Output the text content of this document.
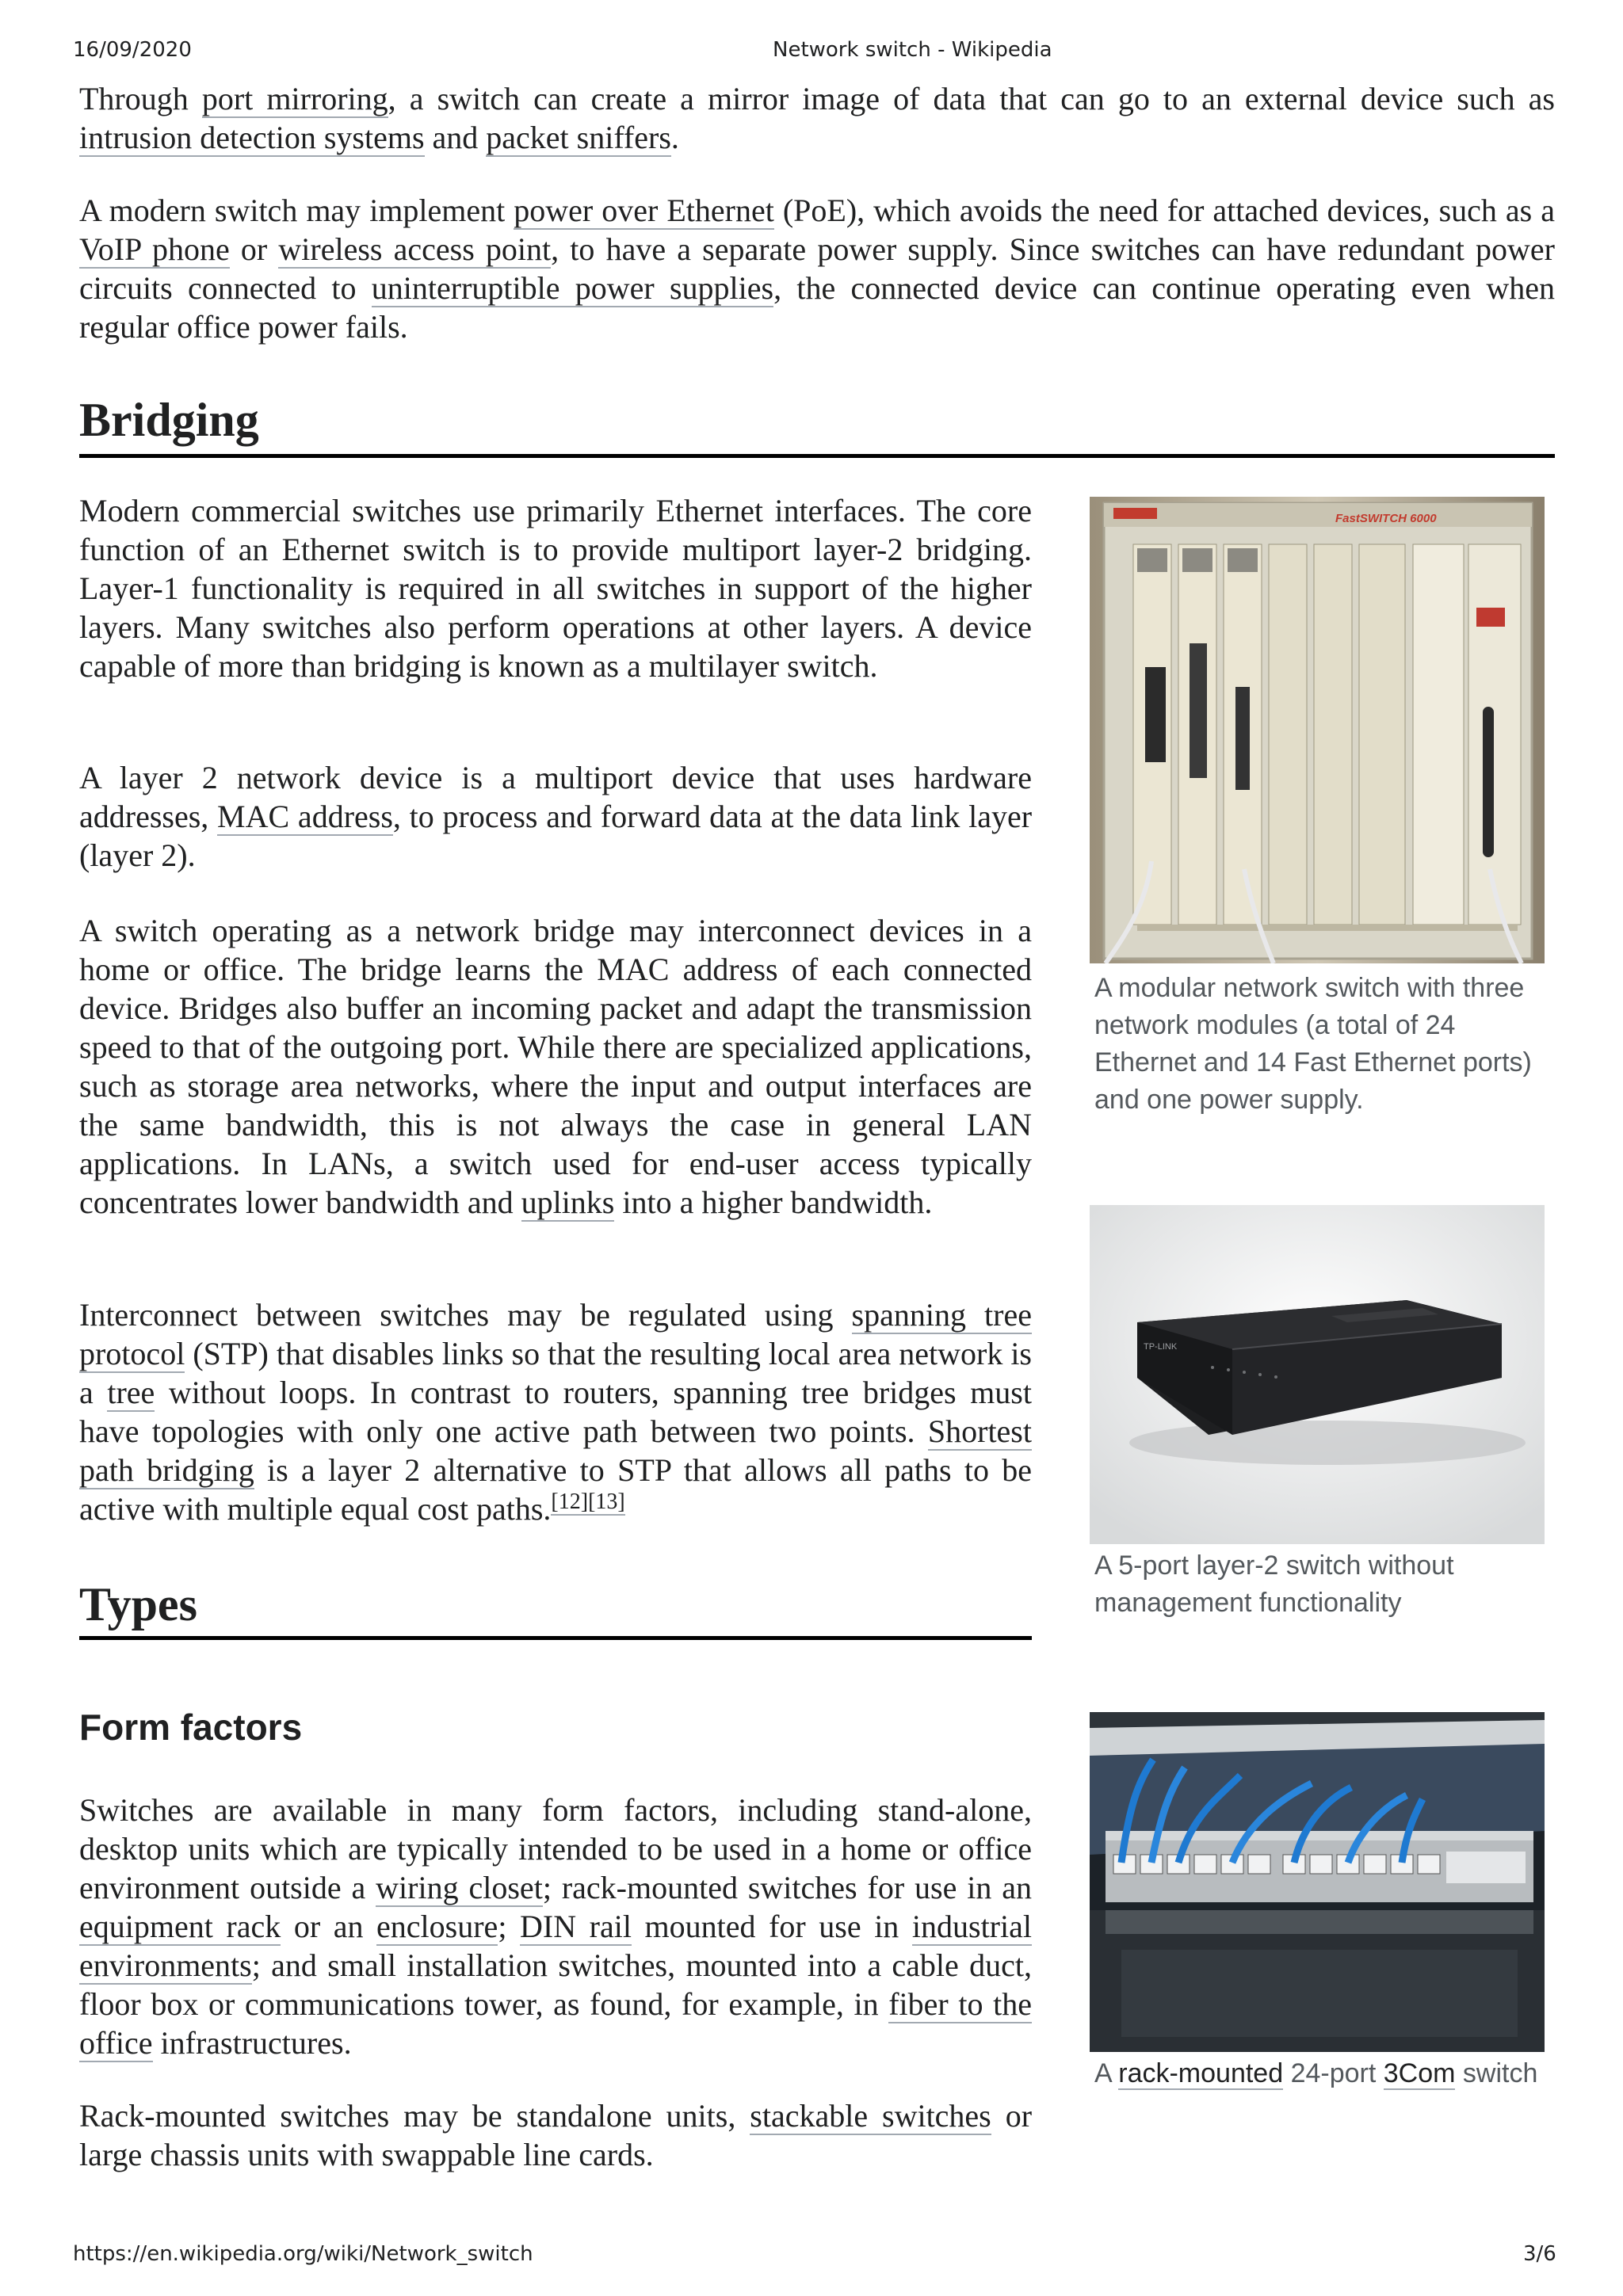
16/09/2020	Network switch - Wikipedia

Through port mirroring, a switch can create a mirror image of data that can go to an external device such as intrusion detection systems and packet sniffers.

A modern switch may implement power over Ethernet (PoE), which avoids the need for attached devices, such as a VoIP phone or wireless access point, to have a separate power supply. Since switches can have redundant power circuits connected to uninterruptible power supplies, the connected device can continue operating even when regular office power fails.

Bridging

Modern commercial switches use primarily Ethernet interfaces. The core function of an Ethernet switch is to provide multiport layer-2 bridging. Layer-1 functionality is required in all switches in support of the higher layers. Many switches also perform operations at other layers. A device capable of more than bridging is known as a multilayer switch.

A layer 2 network device is a multiport device that uses hardware addresses, MAC address, to process and forward data at the data link layer (layer 2).

A switch operating as a network bridge may interconnect devices in a home or office. The bridge learns the MAC address of each connected device. Bridges also buffer an incoming packet and adapt the transmission speed to that of the outgoing port. While there are specialized applications, such as storage area networks, where the input and output interfaces are the same bandwidth, this is not always the case in general LAN applications. In LANs, a switch used for end-user access typically concentrates lower bandwidth and uplinks into a higher bandwidth.

Interconnect between switches may be regulated using spanning tree protocol (STP) that disables links so that the resulting local area network is a tree without loops. In contrast to routers, spanning tree bridges must have topologies with only one active path between two points. Shortest path bridging is a layer 2 alternative to STP that allows all paths to be active with multiple equal cost paths.[12][13]

Types
Form factors

Switches are available in many form factors, including stand-alone, desktop units which are typically intended to be used in a home or office environment outside a wiring closet; rack-mounted switches for use in an equipment rack or an enclosure; DIN rail mounted for use in industrial environments; and small installation switches, mounted into a cable duct, floor box or communications tower, as found, for example, in fiber to the office infrastructures.

Rack-mounted switches may be standalone units, stackable switches or large chassis units with swappable line cards.

FastSWITCH 6000

A modular network switch with three network modules (a total of 24 Ethernet and 14 Fast Ethernet ports) and one power supply.

TP-LINK

A 5-port layer-2 switch without management functionality

A rack-mounted 24-port 3Com switch

https://en.wikipedia.org/wiki/Network_switch	3/6
